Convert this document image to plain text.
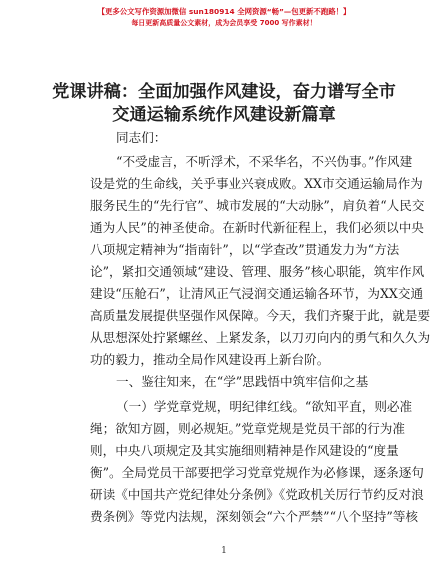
【更多公文写作资源加微信 sun180914 全网资源“畅”—包更新不跑路！】
每日更新高质量公文素材，成为会员享受 7000 写作素材！
党课讲稿：全面加强作风建设，奋力谱写全市
交通运输系统作风建设新篇章
同志们：
“不受虚言，不听浮术，不采华名，不兴伪事。”作风建
设是党的生命线，关乎事业兴衰成败。XX市交通运输局作为
服务民生的“先行官”、城市发展的“大动脉”，肩负着“人民交
通为人民”的神圣使命。在新时代新征程上，我们必须以中央
八项规定精神为“指南针”，以“学查改”贯通发力为“方法
论”，紧扣交通领域“建设、管理、服务”核心职能，筑牢作风
建设“压舱石”，让清风正气浸润交通运输各环节，为XX交通
高质量发展提供坚强作风保障。今天，我们齐聚于此，就是要
从思想深处拧紧螺丝、上紧发条，以刀刃向内的勇气和久久为
功的毅力，推动全局作风建设再上新台阶。
一、鉴往知来，在“学”思践悟中筑牢信仰之基
（一）学党章党规，明纪律红线。“欲知平直，则必准
绳；欲知方圆，则必规矩。”党章党规是党员干部的行为准
则，中央八项规定及其实施细则精神是作风建设的“度量
衡”。全局党员干部要把学习党章党规作为必修课，逐条逐句
研读《中国共产党纪律处分条例》《党政机关厉行节约反对浪
费条例》等党内法规，深刻领会“六个严禁”“八个坚持”等核
1
